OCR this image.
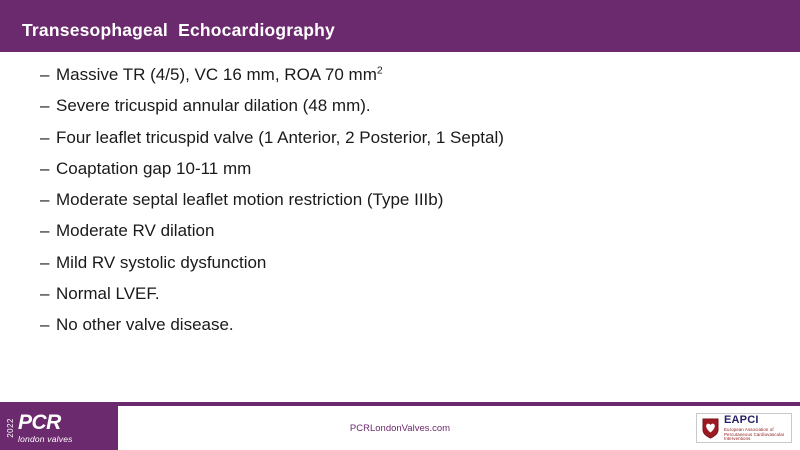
Transesophageal  Echocardiography
– Massive TR (4/5), VC 16 mm, ROA 70 $mm^2$
– Severe tricuspid annular dilation (48 mm).
– Four leaflet tricuspid valve (1 Anterior, 2 Posterior, 1 Septal)
– Coaptation gap 10-11 mm
– Moderate septal leaflet motion restriction (Type IIIb)
– Moderate RV dilation
– Mild RV systolic dysfunction
– Normal LVEF.
– No other valve disease.
2022 PCR
london valves
PCRLondonValves.com
EAPCI
European Association of Percutaneous Cardiovascular Interventions
